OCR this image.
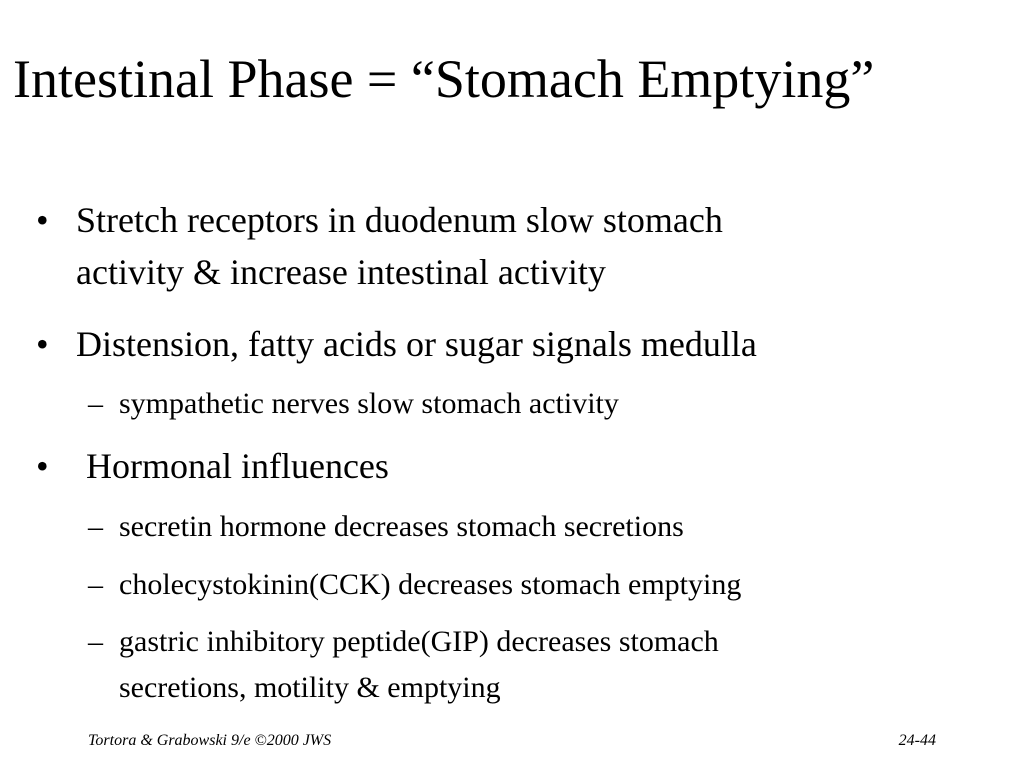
Intestinal Phase = “Stomach Emptying”
• Stretch receptors in duodenum slow stomach
activity & increase intestinal activity
• Distension, fatty acids or sugar signals medulla
– sympathetic nerves slow stomach activity
• Hormonal influences
– secretin hormone decreases stomach secretions
– cholecystokinin(CCK) decreases stomach emptying
– gastric inhibitory peptide(GIP) decreases stomach
secretions, motility & emptying
Tortora & Grabowski 9/e ©2000 JWS	24-44
